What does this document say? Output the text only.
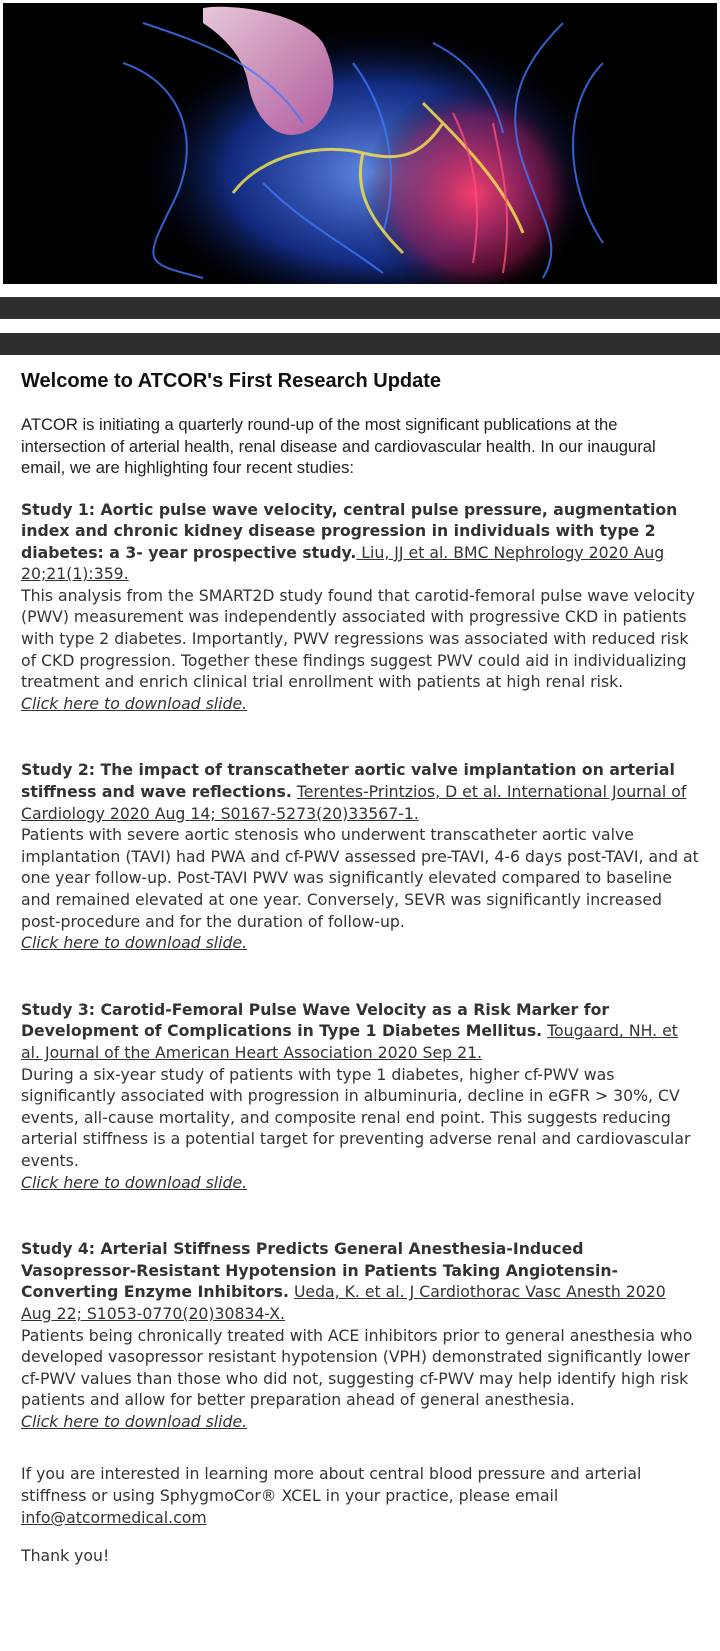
Welcome to ATCOR's First Research Update

ATCOR is initiating a quarterly round-up of the most significant publications at the intersection of arterial health, renal disease and cardiovascular health. In our inaugural email, we are highlighting four recent studies:

Study 1: Aortic pulse wave velocity, central pulse pressure, augmentation index and chronic kidney disease progression in individuals with type 2 diabetes: a 3- year prospective study. Liu, JJ et al. BMC Nephrology 2020 Aug 20;21(1):359.
This analysis from the SMART2D study found that carotid-femoral pulse wave velocity (PWV) measurement was independently associated with progressive CKD in patients with type 2 diabetes. Importantly, PWV regressions was associated with reduced risk of CKD progression. Together these findings suggest PWV could aid in individualizing treatment and enrich clinical trial enrollment with patients at high renal risk.
Click here to download slide.

Study 2: The impact of transcatheter aortic valve implantation on arterial stiffness and wave reflections. Terentes-Printzios, D et al. International Journal of Cardiology 2020 Aug 14; S0167-5273(20)33567-1.
Patients with severe aortic stenosis who underwent transcatheter aortic valve implantation (TAVI) had PWA and cf-PWV assessed pre-TAVI, 4-6 days post-TAVI, and at one year follow-up. Post-TAVI PWV was significantly elevated compared to baseline and remained elevated at one year. Conversely, SEVR was significantly increased post-procedure and for the duration of follow-up.
Click here to download slide.

Study 3: Carotid-Femoral Pulse Wave Velocity as a Risk Marker for Development of Complications in Type 1 Diabetes Mellitus. Tougaard, NH. et al. Journal of the American Heart Association 2020 Sep 21.
During a six-year study of patients with type 1 diabetes, higher cf-PWV was significantly associated with progression in albuminuria, decline in eGFR > 30%, CV events, all-cause mortality, and composite renal end point. This suggests reducing arterial stiffness is a potential target for preventing adverse renal and cardiovascular events.
Click here to download slide.

Study 4: Arterial Stiffness Predicts General Anesthesia-Induced Vasopressor-Resistant Hypotension in Patients Taking Angiotensin-Converting Enzyme Inhibitors. Ueda, K. et al. J Cardiothorac Vasc Anesth 2020 Aug 22; S1053-0770(20)30834-X.
Patients being chronically treated with ACE inhibitors prior to general anesthesia who developed vasopressor resistant hypotension (VPH) demonstrated significantly lower cf-PWV values than those who did not, suggesting cf-PWV may help identify high risk patients and allow for better preparation ahead of general anesthesia.
Click here to download slide.

If you are interested in learning more about central blood pressure and arterial stiffness or using SphygmoCor® XCEL in your practice, please email info@atcormedical.com

Thank you!
